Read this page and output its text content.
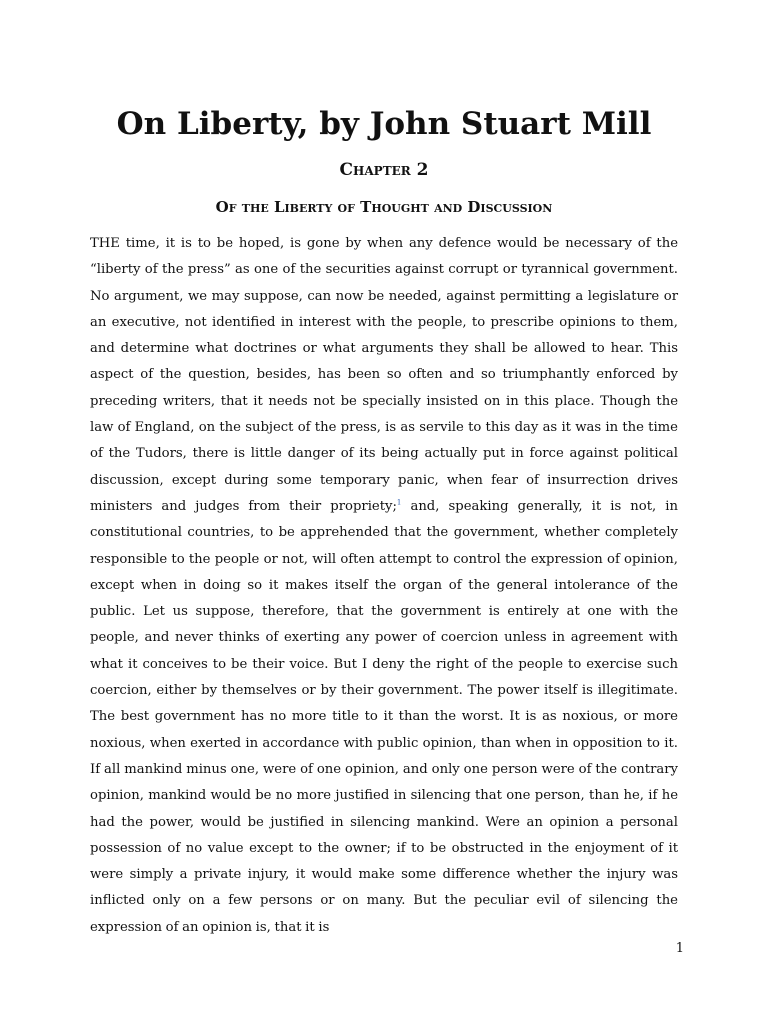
On Liberty, by John Stuart Mill
Chapter 2
Of the Liberty of Thought and Discussion

THE time, it is to be hoped, is gone by when any defence would be necessary of the “liberty of the press” as one of the securities against corrupt or tyrannical government. No argument, we may suppose, can now be needed, against permitting a legislature or an executive, not identified in interest with the people, to prescribe opinions to them, and determine what doctrines or what arguments they shall be allowed to hear. This aspect of the question, besides, has been so often and so triumphantly enforced by preceding writers, that it needs not be specially insisted on in this place. Though the law of England, on the subject of the press, is as servile to this day as it was in the time of the Tudors, there is little danger of its being actually put in force against political discussion, except during some temporary panic, when fear of insurrection drives ministers and judges from their propriety;$^1$ and, speaking generally, it is not, in constitutional countries, to be apprehended that the government, whether completely responsible to the people or not, will often attempt to control the expression of opinion, except when in doing so it makes itself the organ of the general intolerance of the public. Let us suppose, therefore, that the government is entirely at one with the people, and never thinks of exerting any power of coercion unless in agreement with what it conceives to be their voice. But I deny the right of the people to exercise such coercion, either by themselves or by their government. The power itself is illegitimate. The best government has no more title to it than the worst. It is as noxious, or more noxious, when exerted in accordance with public opinion, than when in opposition to it. If all mankind minus one, were of one opinion, and only one person were of the contrary opinion, mankind would be no more justified in silencing that one person, than he, if he had the power, would be justified in silencing mankind. Were an opinion a personal possession of no value except to the owner; if to be obstructed in the enjoyment of it were simply a private injury, it would make some difference whether the injury was inflicted only on a few persons or on many. But the peculiar evil of silencing the expression of an opinion is, that it is

1
